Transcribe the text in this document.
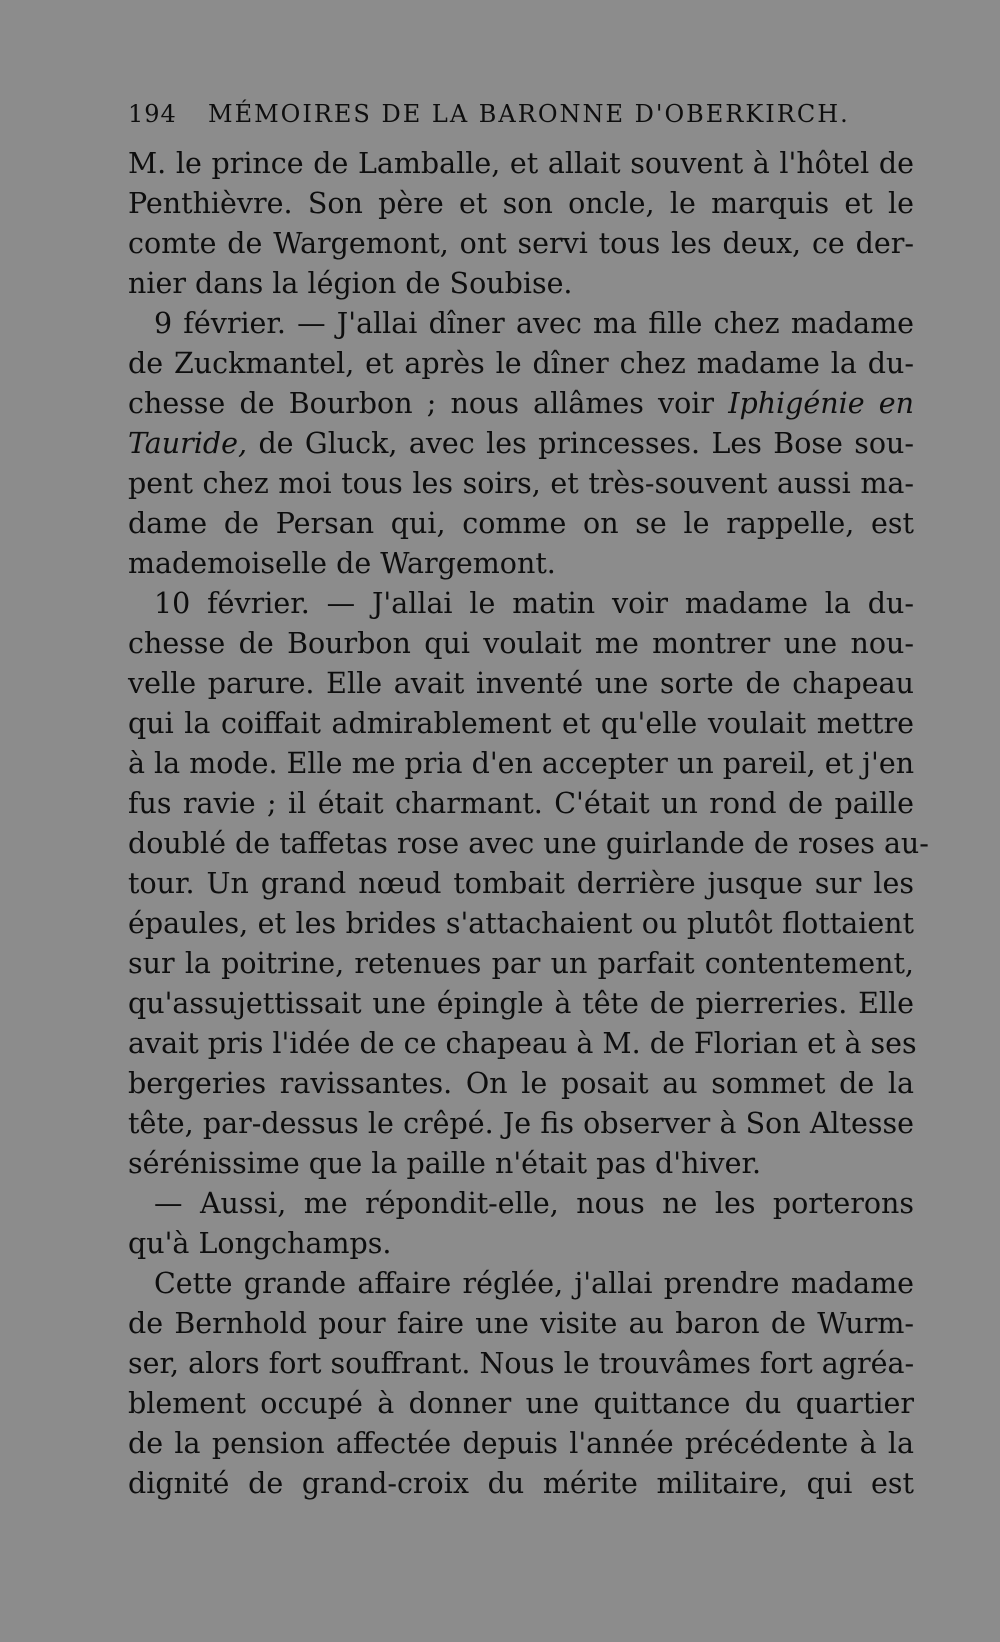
194	MÉMOIRES DE LA BARONNE D'OBERKIRCH.
M. le prince de Lamballe, et allait souvent à l'hôtel de
Penthièvre. Son père et son oncle, le marquis et le
comte de Wargemont, ont servi tous les deux, ce der-
nier dans la légion de Soubise.
9 février. — J'allai dîner avec ma fille chez madame
de Zuckmantel, et après le dîner chez madame la du-
chesse de Bourbon ; nous allâmes voir Iphigénie en
Tauride, de Gluck, avec les princesses. Les Bose sou-
pent chez moi tous les soirs, et très-souvent aussi ma-
dame de Persan qui, comme on se le rappelle, est
mademoiselle de Wargemont.
10 février. — J'allai le matin voir madame la du-
chesse de Bourbon qui voulait me montrer une nou-
velle parure. Elle avait inventé une sorte de chapeau
qui la coiffait admirablement et qu'elle voulait mettre
à la mode. Elle me pria d'en accepter un pareil, et j'en
fus ravie ; il était charmant. C'était un rond de paille
doublé de taffetas rose avec une guirlande de roses au-
tour. Un grand nœud tombait derrière jusque sur les
épaules, et les brides s'attachaient ou plutôt flottaient
sur la poitrine, retenues par un parfait contentement,
qu'assujettissait une épingle à tête de pierreries. Elle
avait pris l'idée de ce chapeau à M. de Florian et à ses
bergeries ravissantes. On le posait au sommet de la
tête, par-dessus le crêpé. Je fis observer à Son Altesse
sérénissime que la paille n'était pas d'hiver.
— Aussi, me répondit-elle, nous ne les porterons
qu'à Longchamps.
Cette grande affaire réglée, j'allai prendre madame
de Bernhold pour faire une visite au baron de Wurm-
ser, alors fort souffrant. Nous le trouvâmes fort agréa-
blement occupé à donner une quittance du quartier
de la pension affectée depuis l'année précédente à la
dignité de grand-croix du mérite militaire, qui est
